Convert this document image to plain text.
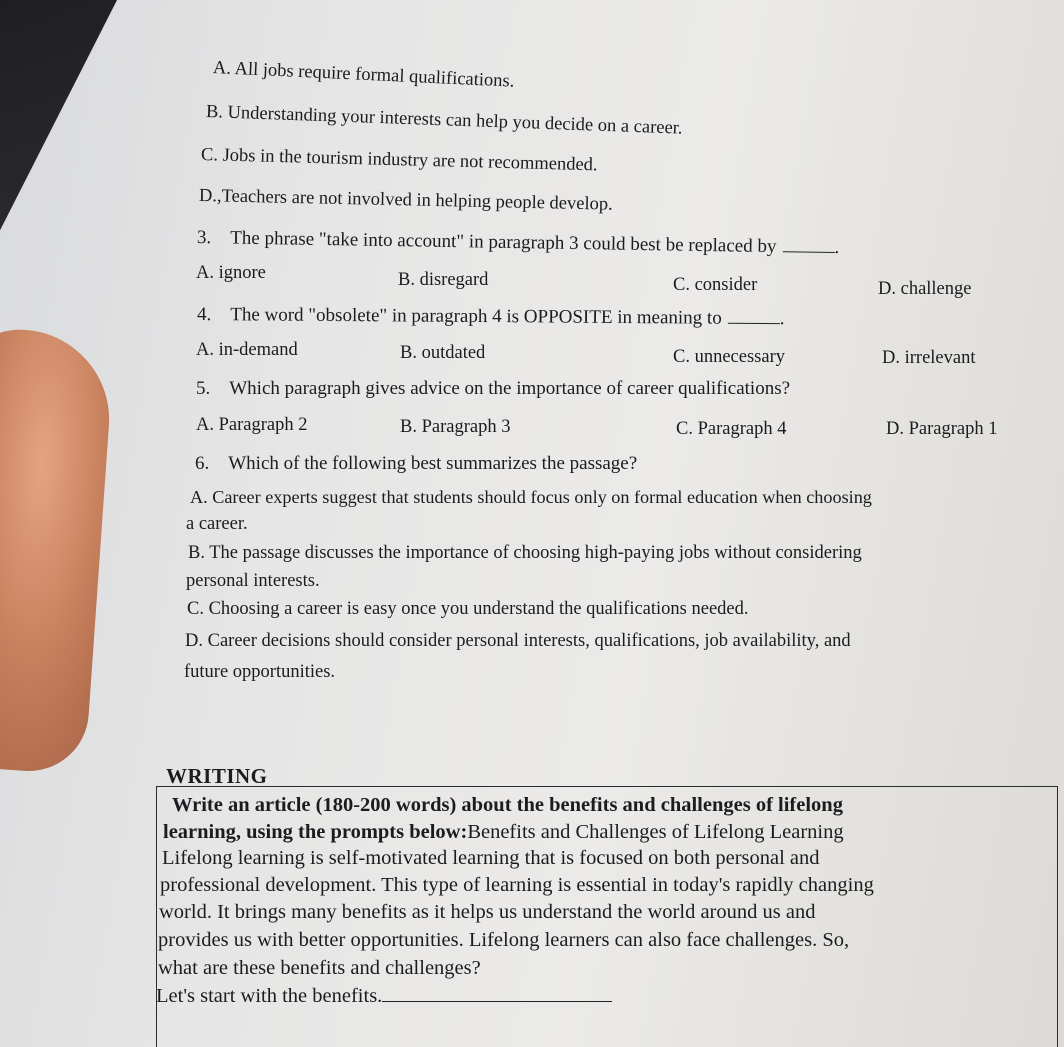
A. All jobs require formal qualifications.
B. Understanding your interests can help you decide on a career.
C. Jobs in the tourism industry are not recommended.
D.,Teachers are not involved in helping people develop.
3. The phrase "take into account" in paragraph 3 could best be replaced by	.
A. ignore	B. disregard	C. consider	D. challenge
4. The word "obsolete" in paragraph 4 is OPPOSITE in meaning to	.
A. in-demand	B. outdated	C. unnecessary	D. irrelevant
5. Which paragraph gives advice on the importance of career qualifications?
A. Paragraph 2	B. Paragraph 3	C. Paragraph 4	D. Paragraph 1
6. Which of the following best summarizes the passage?
A. Career experts suggest that students should focus only on formal education when choosing
a career.
B. The passage discusses the importance of choosing high-paying jobs without considering
personal interests.
C. Choosing a career is easy once you understand the qualifications needed.
D. Career decisions should consider personal interests, qualifications, job availability, and
future opportunities.
WRITING
Write an article (180-200 words) about the benefits and challenges of lifelong
learning, using the prompts below:Benefits and Challenges of Lifelong Learning
Lifelong learning is self-motivated learning that is focused on both personal and
professional development. This type of learning is essential in today's rapidly changing
world. It brings many benefits as it helps us understand the world around us and
provides us with better opportunities. Lifelong learners can also face challenges. So,
what are these benefits and challenges?
Let's start with the benefits.
